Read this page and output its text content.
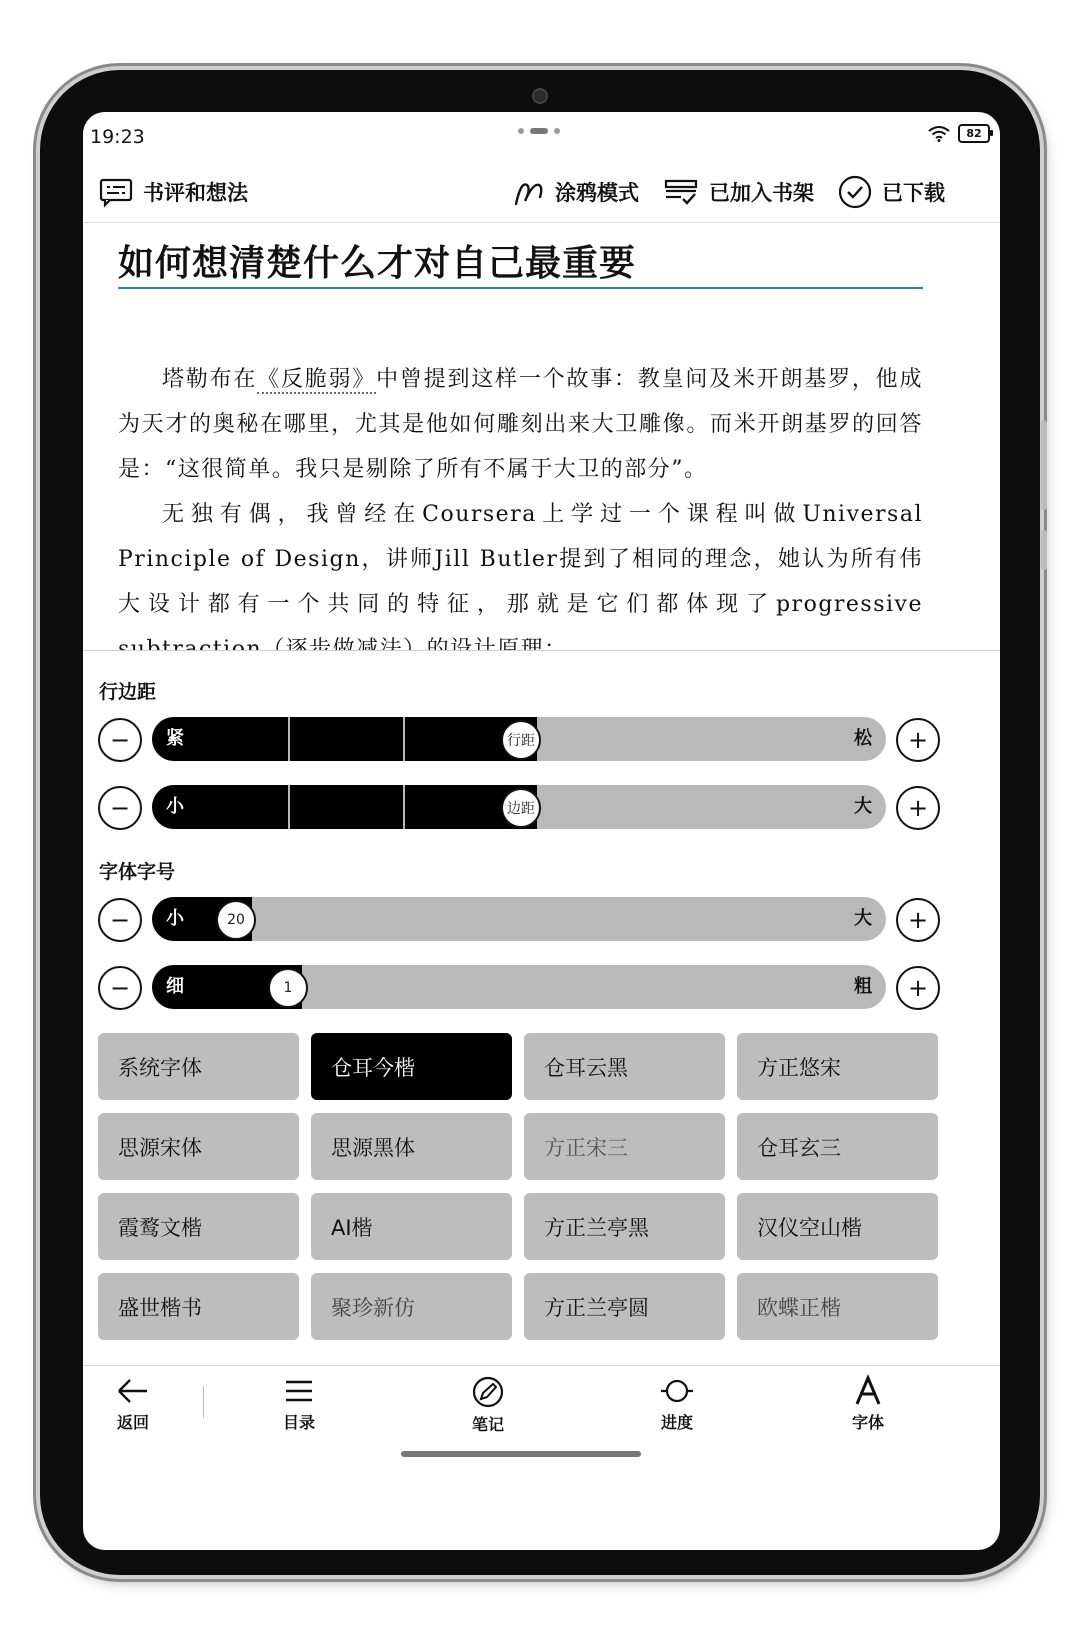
19:23	82
书评和想法	涂鸦模式	已加入书架	已下载
如何想清楚什么才对自己最重要

塔勒布在《反脆弱》中曾提到这样一个故事：教皇问及米开朗基罗，他成为天才的奥秘在哪里，尤其是他如何雕刻出来大卫雕像。而米开朗基罗的回答是：“这很简单。我只是剔除了所有不属于大卫的部分”。

无独有偶，我曾经在Coursera上学过一个课程叫做Universal Principle of Design，讲师Jill Butler提到了相同的理念，她认为所有伟大设计都有一个共同的特征，那就是它们都体现了progressive

行边距
−	紧	松
行距	+
−	小	大
边距	+
字体字号
−	小	大
20	+
−	细	粗
1	+
系统字体	仓耳今楷	仓耳云黑	方正悠宋
思源宋体	思源黑体	方正宋三	仓耳玄三
霞鹜文楷	AI楷	方正兰亭黑	汉仪空山楷
盛世楷书	聚珍新仿	方正兰亭圆	欧蝶正楷
返回	目录	笔记	进度	字体
